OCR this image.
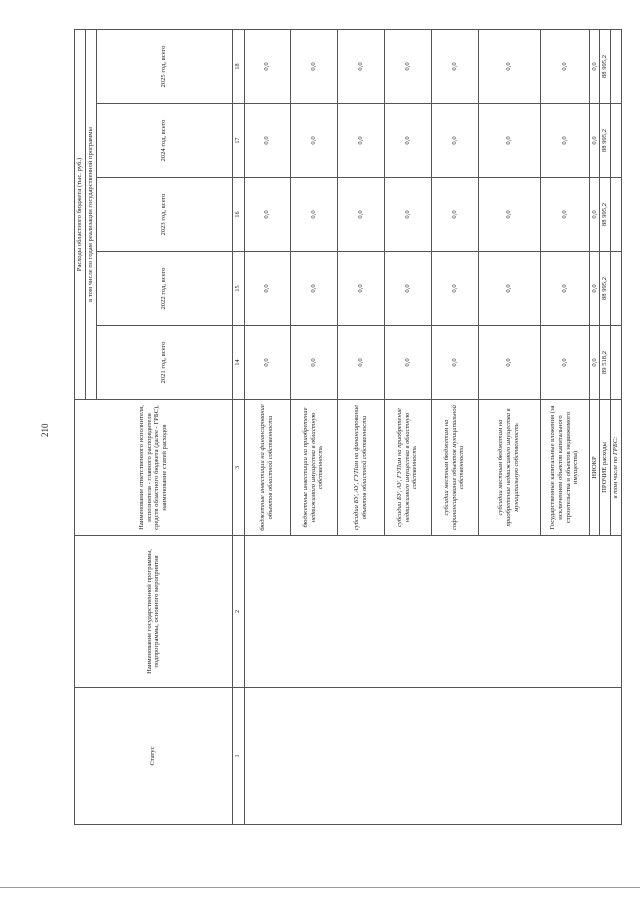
210
Статус	Наименование государственной программы, подпрограммы, основного мероприятия	Наименование ответственного исполнителя, исполнителя - главного распорядителя средств областного бюджета (далее - ГРБС), наименование статей расходов	Расходы областного бюджета (тыс. руб.)				
			в том числе по годам реализации государственной программы				
			2021 год, всего	2022 год, всего	2023 год, всего	2024 год, всего	2025 год, всего
1	2	3	14	15	16	17	18
		бюджетные инвестиции на финансирование объектов областной собственности	0,0	0,0	0,0	0,0	0,0
		бюджетные инвестиции на приобретение недвижимого имущества в областную собственность	0,0	0,0	0,0	0,0	0,0
		субсидии БУ, АУ, ГУПам на финансирование объектов областной собственности	0,0	0,0	0,0	0,0	0,0
		субсидии БУ, АУ, ГУПам на приобретение недвижимого имущества в областную собственность	0,0	0,0	0,0	0,0	0,0
		субсидии местным бюджетам на софинансирование объектов муниципальной собственности	0,0	0,0	0,0	0,0	0,0
		субсидии местным бюджетам на приобретение недвижимого имущества в муниципальную собственность	0,0	0,0	0,0	0,0	0,0
		Государственные капитальные вложения (за исключением объектов капитального строительства и объектов недвижимого имущества)	0,0	0,0	0,0	0,0	0,0
		НИОКР	0,0	0,0	0,0	0,0	0,0
		ПРОЧИЕ расходы	89 518,2	88 995,2	88 995,2	88 995,2	88 995,2
		в том числе по ГРБС:					
